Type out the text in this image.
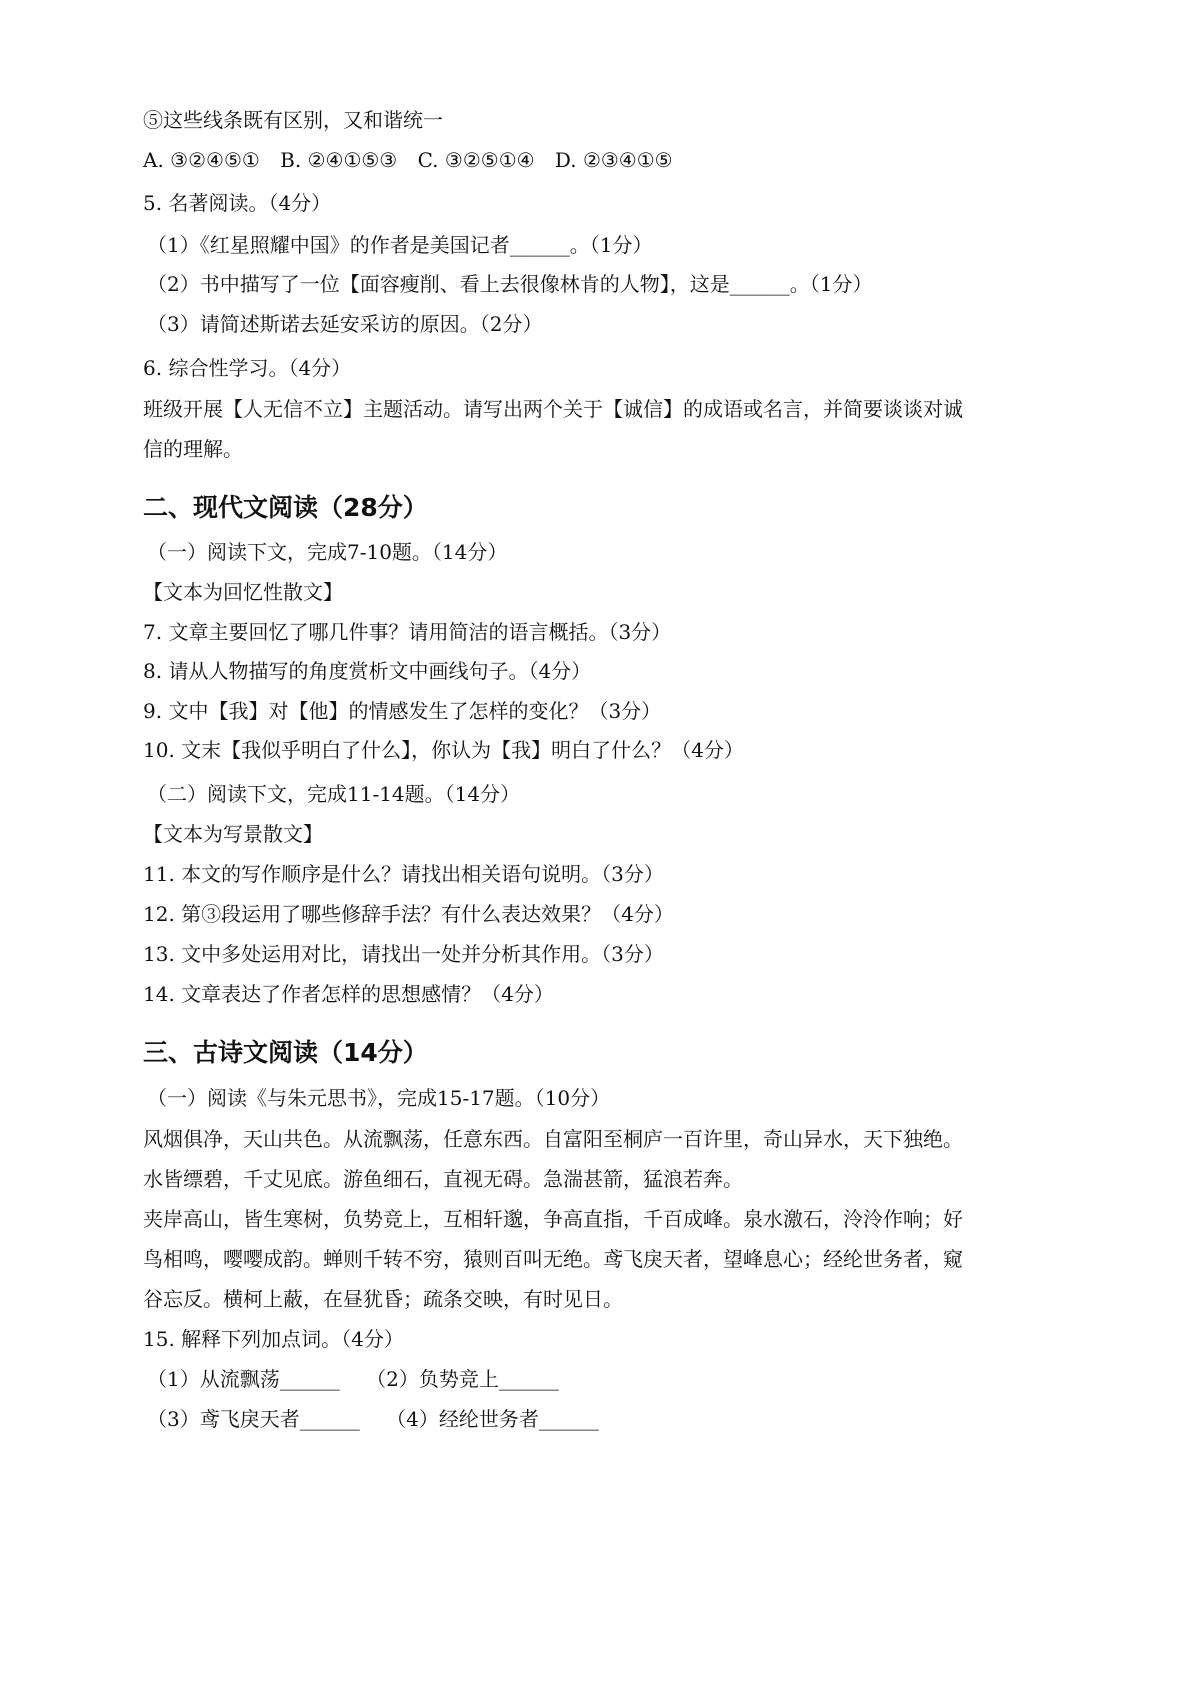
⑤这些线条既有区别，又和谐统一
A. ③②④⑤① B. ②④①⑤③ C. ③②⑤①④ D. ②③④①⑤
5. 名著阅读。（4分）
（1）《红星照耀中国》的作者是美国记者______。（1分）
（2）书中描写了一位【面容瘦削、看上去很像林肯的人物】，这是______。（1分）
（3）请简述斯诺去延安采访的原因。（2分）
6. 综合性学习。（4分）
班级开展【人无信不立】主题活动。请写出两个关于【诚信】的成语或名言，并简要谈谈对诚
信的理解。
二、现代文阅读（28分）
（一）阅读下文，完成7-10题。（14分）
【文本为回忆性散文】
7. 文章主要回忆了哪几件事？请用简洁的语言概括。（3分）
8. 请从人物描写的角度赏析文中画线句子。（4分）
9. 文中【我】对【他】的情感发生了怎样的变化？（3分）
10. 文末【我似乎明白了什么】，你认为【我】明白了什么？（4分）
（二）阅读下文，完成11-14题。（14分）
【文本为写景散文】
11. 本文的写作顺序是什么？请找出相关语句说明。（3分）
12. 第③段运用了哪些修辞手法？有什么表达效果？（4分）
13. 文中多处运用对比，请找出一处并分析其作用。（3分）
14. 文章表达了作者怎样的思想感情？（4分）
三、古诗文阅读（14分）
（一）阅读《与朱元思书》，完成15-17题。（10分）
风烟俱净，天山共色。从流飘荡，任意东西。自富阳至桐庐一百许里，奇山异水，天下独绝。
水皆缥碧，千丈见底。游鱼细石，直视无碍。急湍甚箭，猛浪若奔。
夹岸高山，皆生寒树，负势竞上，互相轩邈，争高直指，千百成峰。泉水激石，泠泠作响；好
鸟相鸣，嘤嘤成韵。蝉则千转不穷，猿则百叫无绝。鸢飞戾天者，望峰息心；经纶世务者，窥
谷忘反。横柯上蔽，在昼犹昏；疏条交映，有时见日。
15. 解释下列加点词。（4分）
（1）从流飘荡______ （2）负势竞上______
（3）鸢飞戾天者______ （4）经纶世务者______
